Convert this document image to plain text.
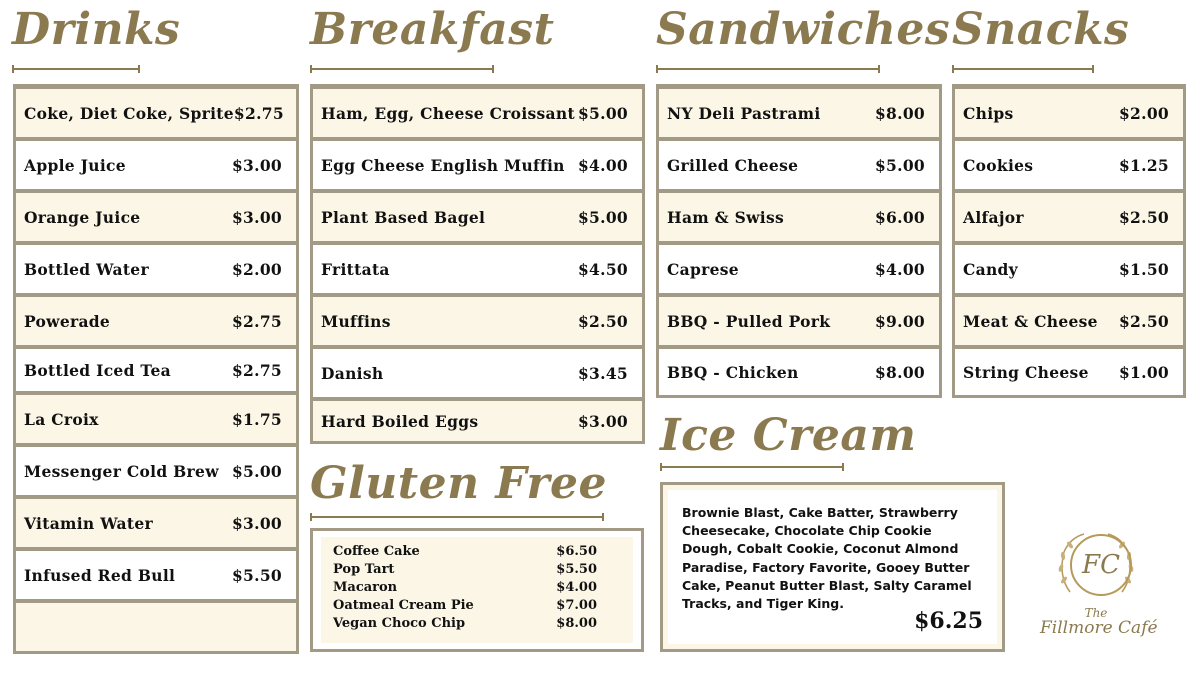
Drinks	Breakfast Sandwiches Snacks
Gluten Free
Ice Cream
Coke, Diet Coke, Sprite $2.75
Apple Juice	$3.00
Orange Juice	$3.00
Bottled Water	$2.00
Powerade	$2.75
Bottled Iced Tea	$2.75
La Croix	$1.75
Messenger Cold Brew $5.00
Vitamin Water	$3.00
Infused Red Bull	$5.50
Ham, Egg, Cheese Croissant $5.00
Egg Cheese English Muffin $4.00
Plant Based Bagel	$5.00
Frittata	$4.50
Muffins	$2.50
Danish	$3.45
Hard Boiled Eggs	$3.00
NY Deli Pastrami	$8.00
Grilled Cheese	$5.00
Ham & Swiss	$6.00
Caprese	$4.00
BBQ - Pulled Pork	$9.00
BBQ - Chicken	$8.00
Chips	$2.00
Cookies	$1.25
Alfajor	$2.50
Candy	$1.50
Meat & Cheese $2.50
String Cheese $1.00
Coffee Cake	$6.50
Pop Tart	$5.50
Macaron	$4.00
Oatmeal Cream Pie	$7.00
Vegan Choco Chip	$8.00
Brownie Blast, Cake Batter, Strawberry Cheesecake, Chocolate Chip Cookie Dough, Cobalt Cookie, Coconut Almond Paradise, Factory Favorite, Gooey Butter Cake, Peanut Butter Blast, Salty Caramel Tracks, and Tiger King.
$6.25
FC
The
Fillmore Café
